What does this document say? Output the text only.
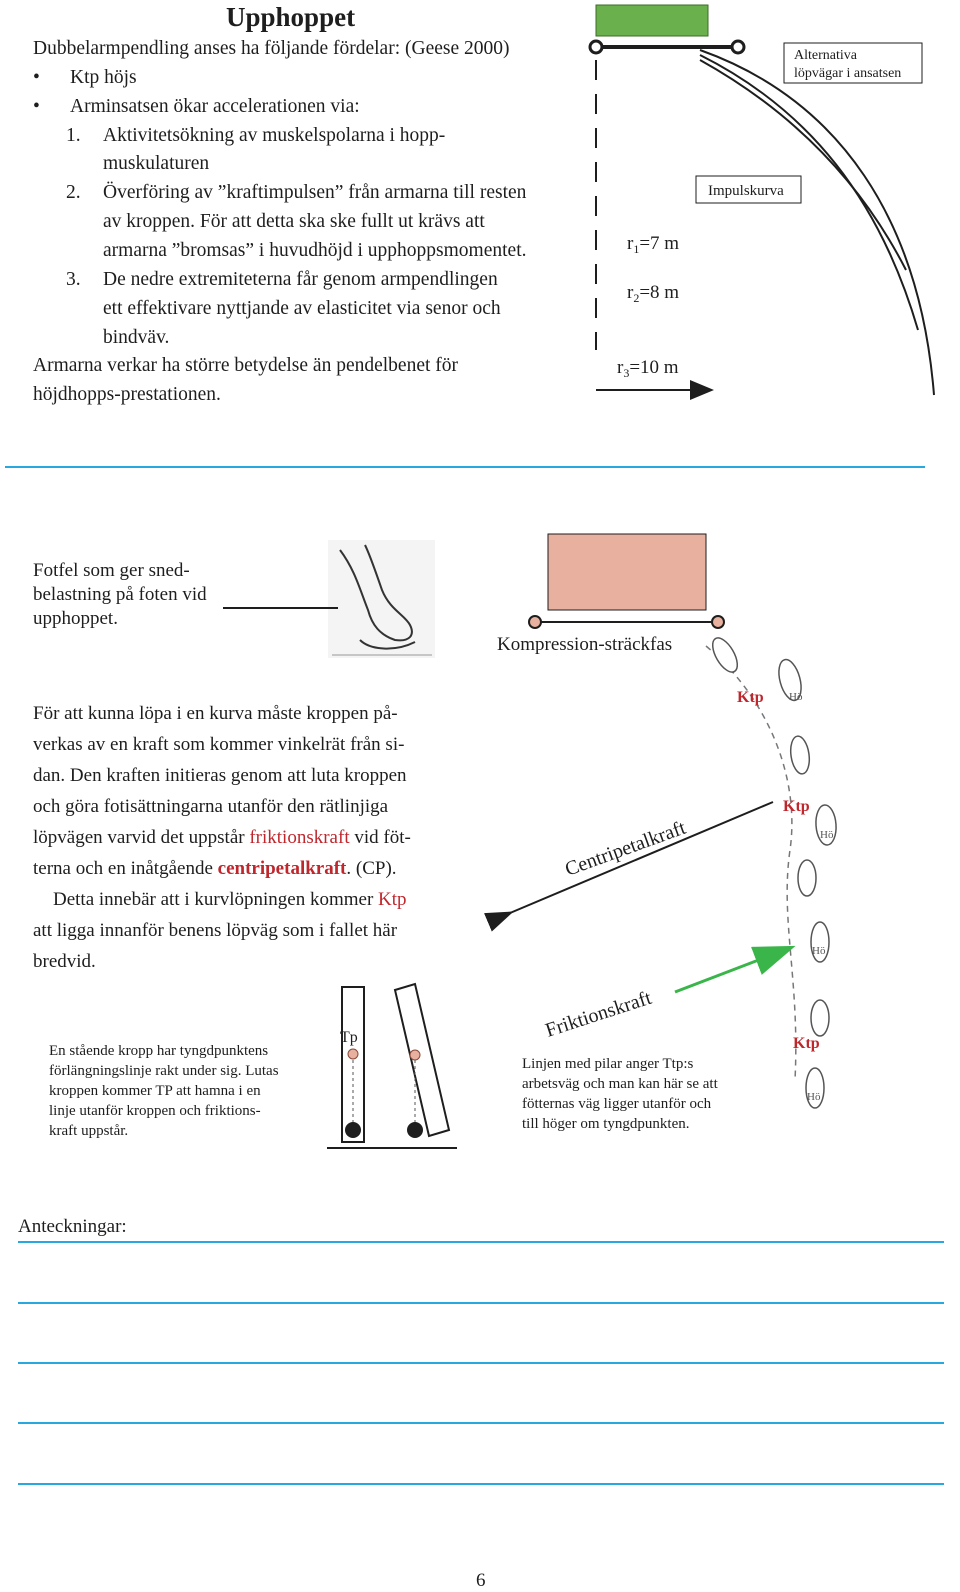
Upphoppet
Dubbelarmpendling anses ha följande fördelar: (Geese 2000)
• Ktp höjs
• Arminsatsen ökar accelerationen via:
1. Aktivitetsökning av muskelspolarna i hopp-
muskulaturen
2. Överföring av ”kraftimpulsen” från armarna till resten
av kroppen. För att detta ska ske fullt ut krävs att
armarna ”bromsas” i huvudhöjd i upphoppsmomentet.
3. De nedre extremiteterna får genom armpendlingen
ett effektivare nyttjande av elasticitet via senor och
bindväv.
Armarna verkar ha större betydelse än pendelbenet för
höjdhopps-prestationen.
Alternativa
löpvägar i ansatsen
Impulskurva
$r_1=7$ m
$r_2=8$ m
$r_3=10$ m
Fotfel som ger sned-
belastning på foten vid
upphoppet.
Kompression-sträckfas
Ktp
Ktp
Ktp
Hö
Hö
Hö
Hö
Centripetalkraft
Friktionskraft
För att kunna löpa i en kurva måste kroppen på-
verkas av en kraft som kommer vinkelrät från si-
dan. Den kraften initieras genom att luta kroppen
och göra fotisättningarna utanför den rätlinjiga
löpvägen varvid det uppstår friktionskraft vid föt-
terna och en inåtgående centripetalkraft. (CP).
Detta innebär att i kurvlöpningen kommer Ktp
att ligga innanför benens löpväg som i fallet här
bredvid.
En stående kropp har tyngdpunktens
förlängningslinje rakt under sig. Lutas
kroppen kommer TP att hamna i en
linje utanför kroppen och friktions-
kraft uppstår.
Tp
Linjen med pilar anger Ttp:s
arbetsväg och man kan här se att
fötternas väg ligger utanför och
till höger om tyngdpunkten.
Anteckningar:
6
